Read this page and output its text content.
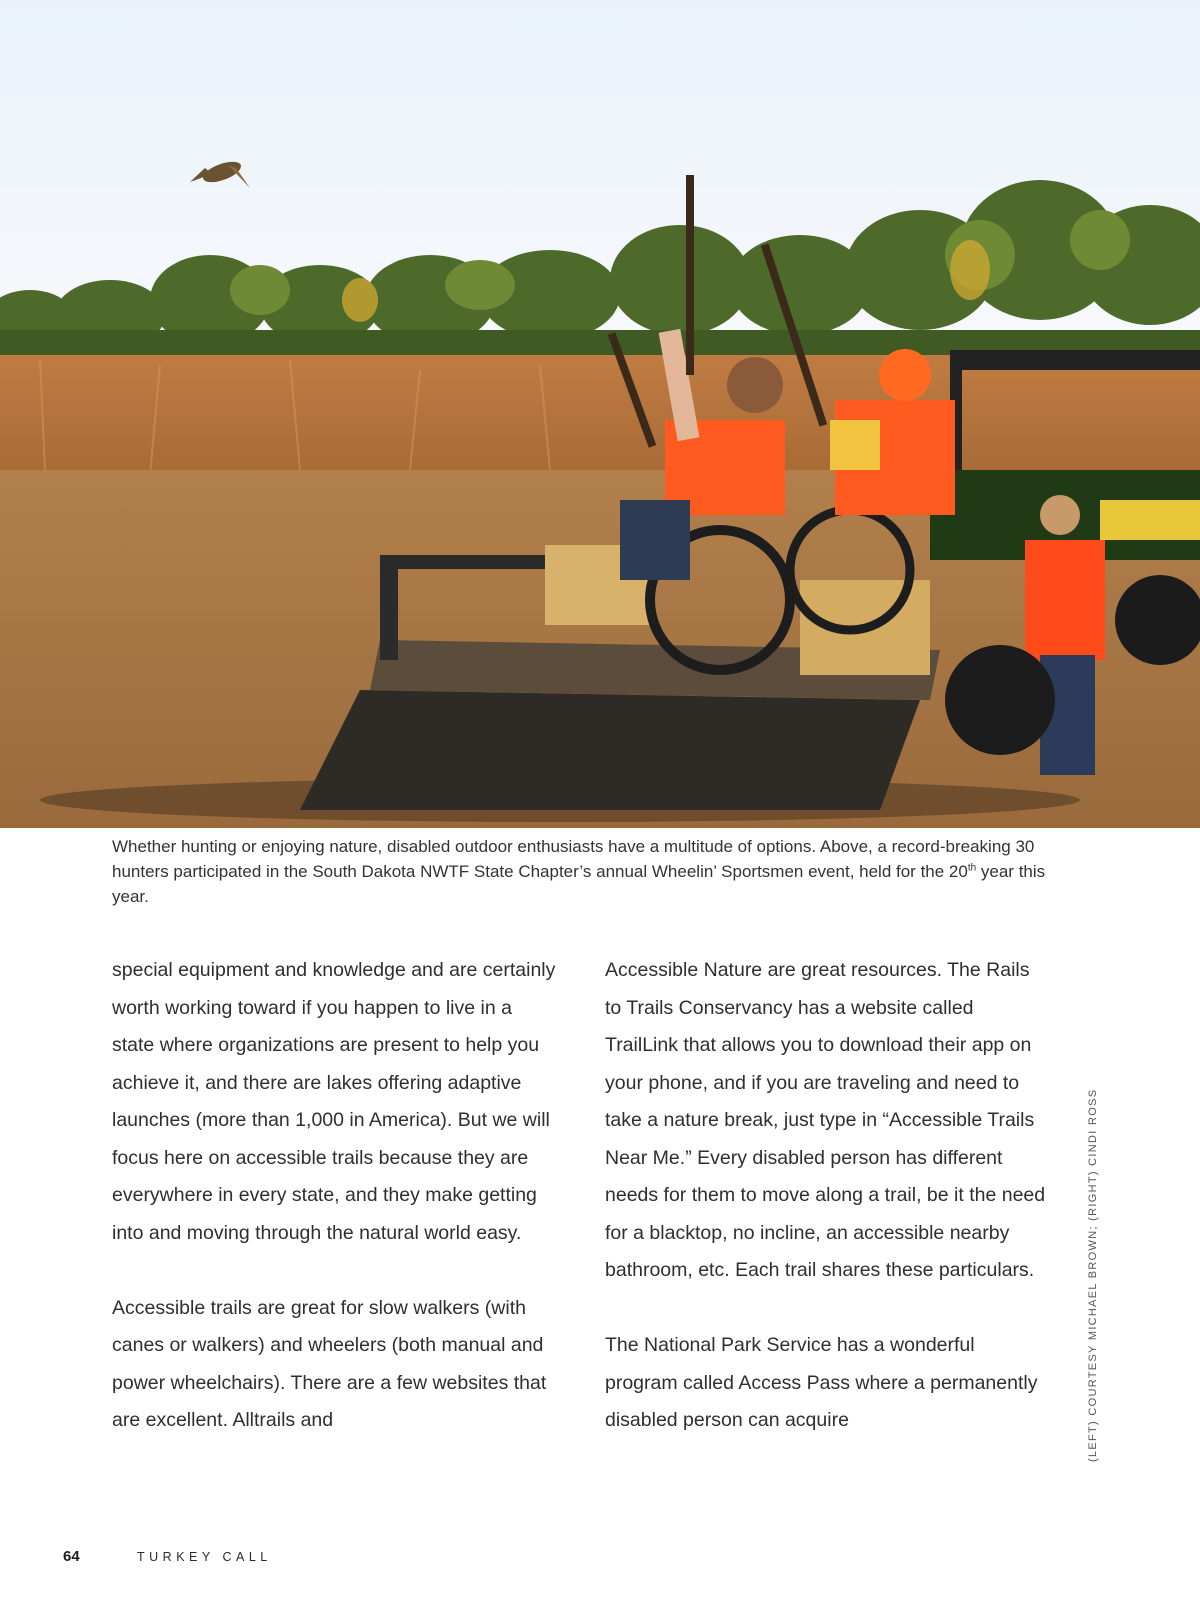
Whether hunting or enjoying nature, disabled outdoor enthusiasts have a multitude of options. Above, a record-breaking 30 hunters participated in the South Dakota NWTF State Chapter’s annual Wheelin’ Sportsmen event, held for the 20th year this year.

special equipment and knowledge and are certainly worth working toward if you happen to live in a state where organizations are present to help you achieve it, and there are lakes offering adaptive launches (more than 1,000 in America). But we will focus here on accessible trails because they are everywhere in every state, and they make getting into and moving through the natural world easy.

Accessible trails are great for slow walkers (with canes or walkers) and wheelers (both manual and power wheelchairs). There are a few websites that are excellent. Alltrails and

Accessible Nature are great resources. The Rails to Trails Conservancy has a website called TrailLink that allows you to download their app on your phone, and if you are traveling and need to take a nature break, just type in “Accessible Trails Near Me.” Every disabled person has different needs for them to move along a trail, be it the need for a blacktop, no incline, an accessible nearby bathroom, etc. Each trail shares these particulars.

The National Park Service has a wonderful program called Access Pass where a permanently disabled person can acquire	(LEFT) COURTESY MICHAEL BROWN; (RIGHT) CINDI ROSS
64	TURKEY CALL
